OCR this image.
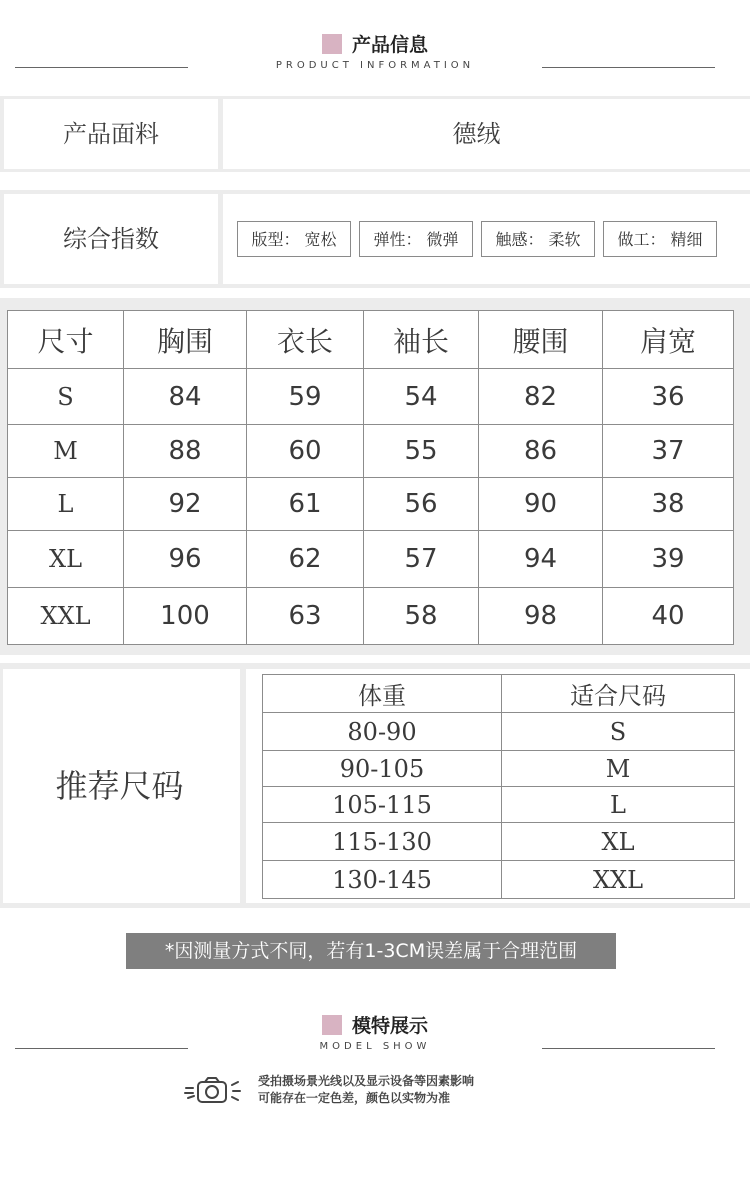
产品信息
PRODUCT INFORMATION
产品面料	德绒
综合指数	版型： 宽松	弹性： 微弹	触感： 柔软	做工： 精细
尺寸	胸围	衣长	袖长	腰围	肩宽
S	84	59	54	82	36
M	88	60	55	86	37
L	92	61	56	90	38
XL	96	62	57	94	39
XXL	100	63	58	98	40
推荐尺码
体重	适合尺码
80-90	S
90-105	M
105-115	L
115-130	XL
130-145	XXL
*因测量方式不同，若有1-3CM误差属于合理范围
模特展示
MODEL SHOW
受拍摄场景光线以及显示设备等因素影响
可能存在一定色差，颜色以实物为准
